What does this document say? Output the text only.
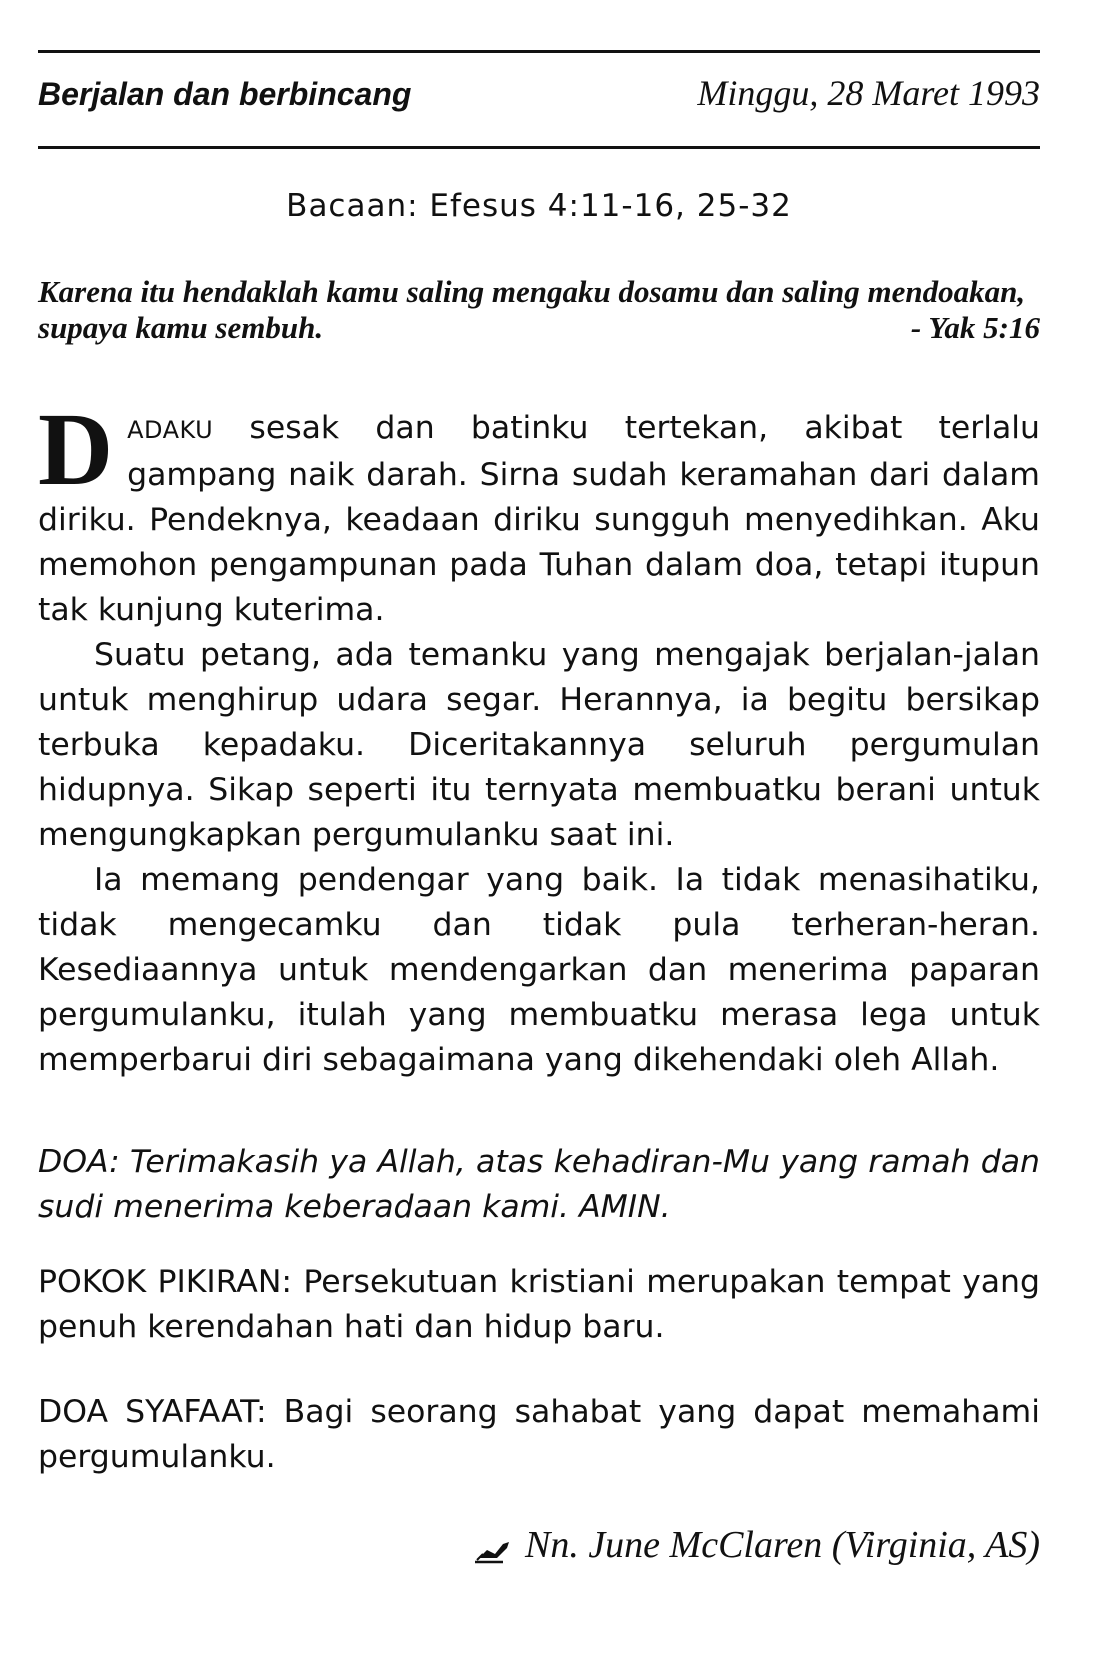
Berjalan dan berbincang	Minggu, 28 Maret 1993
Bacaan: Efesus 4:11-16, 25-32
Karena itu hendaklah kamu saling mengaku dosamu dan saling mendoakan, supaya kamu sembuh.	- Yak 5:16

DADAKU sesak dan batinku tertekan, akibat terlalu gampang naik darah. Sirna sudah keramahan dari dalam diriku. Pendeknya, keadaan diriku sungguh menyedihkan. Aku memohon pengampunan pada Tuhan dalam doa, tetapi itupun tak kunjung kuterima.

Suatu petang, ada temanku yang mengajak berjalan-jalan untuk menghirup udara segar. Herannya, ia begitu bersikap terbuka kepadaku. Diceritakannya seluruh pergumulan hidupnya. Sikap seperti itu ternyata membuatku berani untuk mengungkapkan pergumulanku saat ini.

Ia memang pendengar yang baik. Ia tidak menasihatiku, tidak mengecamku dan tidak pula terheran-heran. Kesediaannya untuk mendengarkan dan menerima paparan pergumulanku, itulah yang membuatku merasa lega untuk memperbarui diri sebagaimana yang dikehendaki oleh Allah.

DOA: Terimakasih ya Allah, atas kehadiran-Mu yang ramah dan sudi menerima keberadaan kami. AMIN.
POKOK PIKIRAN: Persekutuan kristiani merupakan tempat yang penuh kerendahan hati dan hidup baru.
DOA SYAFAAT: Bagi seorang sahabat yang dapat memahami pergumulanku.
Nn. June McClaren (Virginia, AS)
